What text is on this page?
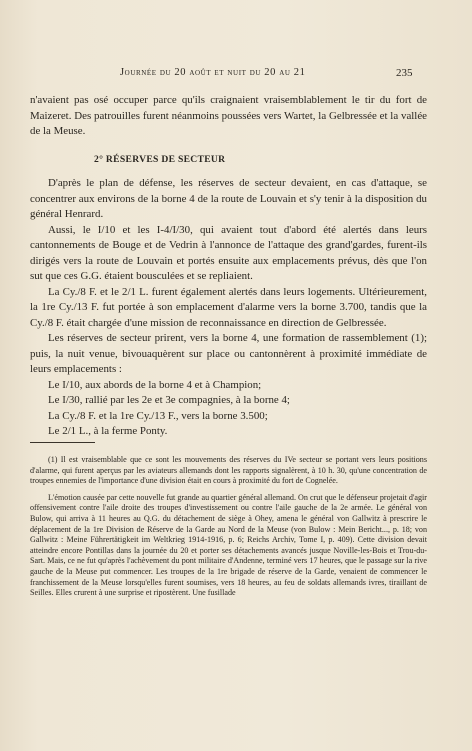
Journée du 20 août et nuit du 20 au 21	235

n'avaient pas osé occuper parce qu'ils craignaient vraisemblablement le tir du fort de Maizeret. Des patrouilles furent néanmoins poussées vers Wartet, la Gelbressée et la vallée de la Meuse.

2° RÉSERVES DE SECTEUR

D'après le plan de défense, les réserves de secteur devaient, en cas d'attaque, se concentrer aux environs de la borne 4 de la route de Louvain et s'y tenir à la disposition du général Henrard.

Aussi, le I/10 et les I-4/I/30, qui avaient tout d'abord été alertés dans leurs cantonnements de Bouge et de Vedrin à l'annonce de l'attaque des grand'gardes, furent-ils dirigés vers la route de Louvain et portés ensuite aux emplacements prévus, dès que l'on sut que ces G.G. étaient bousculées et se repliaient.

La Cy./8 F. et le 2/1 L. furent également alertés dans leurs logements. Ultérieurement, la 1re Cy./13 F. fut portée à son emplacement d'alarme vers la borne 3.700, tandis que la Cy./8 F. était chargée d'une mission de reconnaissance en direction de Gelbressée.

Les réserves de secteur prirent, vers la borne 4, une formation de rassemblement (1); puis, la nuit venue, bivouaquèrent sur place ou cantonnèrent à proximité immédiate de leurs emplacements :

Le I/10, aux abords de la borne 4 et à Champion;

Le I/30, rallié par les 2e et 3e compagnies, à la borne 4;

La Cy./8 F. et la 1re Cy./13 F., vers la borne 3.500;

Le 2/1 L., à la ferme Ponty.

(1) Il est vraisemblable que ce sont les mouvements des réserves du IVe secteur se portant vers leurs positions d'alarme, qui furent aperçus par les aviateurs allemands dont les rapports signalèrent, à 10 h. 30, qu'une concentration de troupes ennemies de l'importance d'une division était en cours à proximité du fort de Cognelée.

L'émotion causée par cette nouvelle fut grande au quartier général allemand. On crut que le défenseur projetait d'agir offensivement contre l'aile droite des troupes d'investissement ou contre l'aile gauche de la 2e armée. Le général von Bulow, qui arriva à 11 heures au Q.G. du détachement de siège à Ohey, amena le général von Gallwitz à prescrire le déplacement de la 1re Division de Réserve de la Garde au Nord de la Meuse (von Bulow : Mein Bericht..., p. 18; von Gallwitz : Meine Führertätigkeit im Weltkrieg 1914-1916, p. 6; Reichs Archiv, Tome I, p. 409). Cette division devait atteindre encore Pontillas dans la journée du 20 et porter ses détachements avancés jusque Noville-les-Bois et Trou-du-Sart. Mais, ce ne fut qu'après l'achèvement du pont militaire d'Andenne, terminé vers 17 heures, que le passage sur la rive gauche de la Meuse put commencer. Les troupes de la 1re brigade de réserve de la Garde, venaient de commencer le franchissement de la Meuse lorsqu'elles furent soumises, vers 18 heures, au feu de soldats allemands ivres, tiraillant de Seilles. Elles crurent à une surprise et ripostèrent. Une fusillade
